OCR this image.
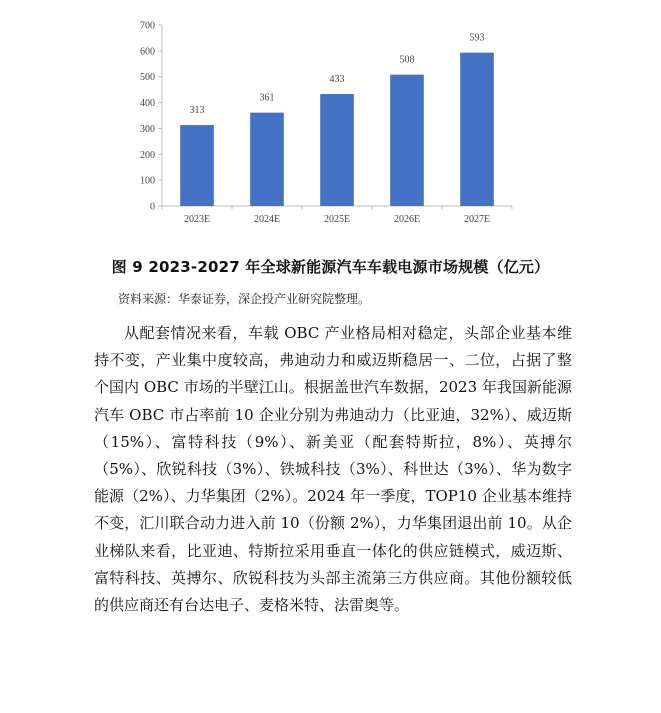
0
100
200
300
400
500
600
700
2023E	2024E	2025E	2026E	2027E
313
361
433
508
593
图 9 2023-2027 年全球新能源汽车车载电源市场规模（亿元）
资料来源：华泰证券，深企投产业研究院整理。

从配套情况来看，车载 OBC 产业格局相对稳定，头部企业基本维持不变，产业集中度较高，弗迪动力和威迈斯稳居一、二位，占据了整个国内 OBC 市场的半壁江山。根据盖世汽车数据，2023 年我国新能源汽车 OBC 市占率前 10 企业分别为弗迪动力（比亚迪，32%）、威迈斯（15%）、富特科技（9%）、新美亚（配套特斯拉，8%）、英搏尔（5%）、欣锐科技（3%）、铁城科技（3%）、科世达（3%）、华为数字能源（2%）、力华集团（2%）。2024 年一季度，TOP10 企业基本维持不变，汇川联合动力进入前 10（份额 2%），力华集团退出前 10。从企业梯队来看，比亚迪、特斯拉采用垂直一体化的供应链模式，威迈斯、富特科技、英搏尔、欣锐科技为头部主流第三方供应商。其他份额较低的供应商还有台达电子、麦格米特、法雷奥等。
